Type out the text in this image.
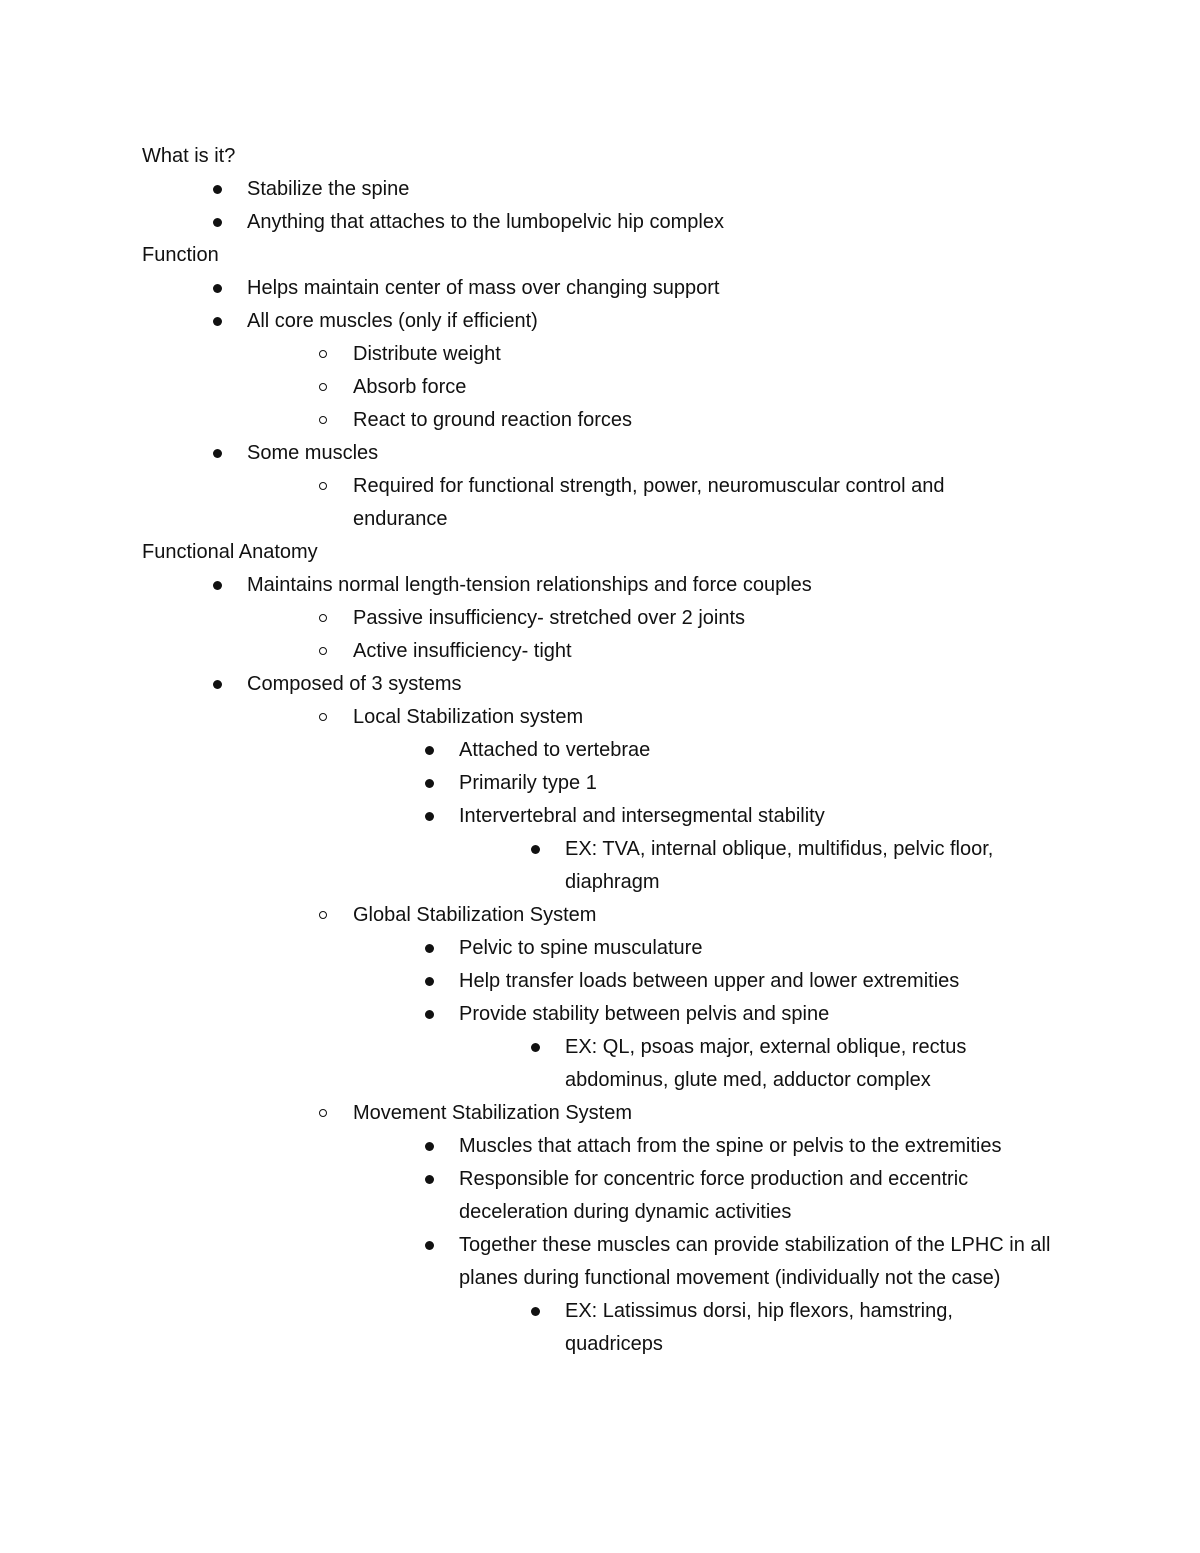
What is it?
Stabilize the spine
Anything that attaches to the lumbopelvic hip complex
Function
Helps maintain center of mass over changing support
All core muscles (only if efficient)
Distribute weight
Absorb force
React to ground reaction forces
Some muscles
Required for functional strength, power, neuromuscular control and endurance
Functional Anatomy
Maintains normal length-tension relationships and force couples
Passive insufficiency- stretched over 2 joints
Active insufficiency- tight
Composed of 3 systems
Local Stabilization system
Attached to vertebrae
Primarily type 1
Intervertebral and intersegmental stability
EX: TVA, internal oblique, multifidus, pelvic floor, diaphragm
Global Stabilization System
Pelvic to spine musculature
Help transfer loads between upper and lower extremities
Provide stability between pelvis and spine
EX: QL, psoas major, external oblique, rectus abdominus, glute med, adductor complex
Movement Stabilization System
Muscles that attach from the spine or pelvis to the extremities
Responsible for concentric force production and eccentric deceleration during dynamic activities
Together these muscles can provide stabilization of the LPHC in all planes during functional movement (individually not the case)
EX: Latissimus dorsi, hip flexors, hamstring, quadriceps
